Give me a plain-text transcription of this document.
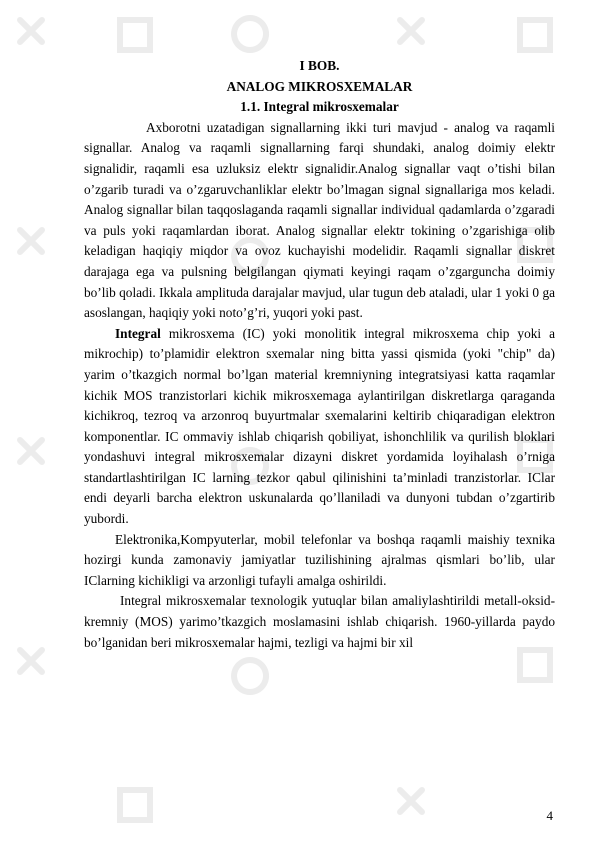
I BOB.

ANALOG MIKROSXEMALAR

1.1. Integral mikrosxemalar

Axborotni uzatadigan signallarning ikki turi mavjud - analog va raqamli signallar. Analog va raqamli signallarning farqi shundaki, analog doimiy elektr signalidir, raqamli esa uzluksiz elektr signalidir.Analog signallar vaqt o’tishi bilan o’zgarib turadi va o’zgaruvchanliklar elektr bo’lmagan signal signallariga mos keladi. Analog signallar bilan taqqoslaganda raqamli signallar individual qadamlarda o’zgaradi va puls yoki raqamlardan iborat. Analog signallar elektr tokining o’zgarishiga olib keladigan haqiqiy miqdor va ovoz kuchayishi modelidir. Raqamli signallar diskret darajaga ega va pulsning belgilangan qiymati keyingi raqam o’zgarguncha doimiy bo’lib qoladi. Ikkala amplituda darajalar mavjud, ular tugun deb ataladi, ular 1 yoki 0 ga asoslangan, haqiqiy yoki noto’g’ri, yuqori yoki past.

Integral mikrosxema (IC) yoki monolitik integral mikrosxema chip yoki a mikrochip) to’plamidir elektron sxemalar ning bitta yassi qismida (yoki "chip" da) yarim o’tkazgich normal bo’lgan material kremniyning integratsiyasi katta raqamlar kichik MOS tranzistorlari kichik mikrosxemaga aylantirilgan diskretlarga qaraganda kichikroq, tezroq va arzonroq buyurtmalar sxemalarini keltirib chiqaradigan elektron komponentlar. IC ommaviy ishlab chiqarish qobiliyat, ishonchlilik va qurilish bloklari yondashuvi integral mikrosxemalar dizayni diskret yordamida loyihalash o’rniga standartlashtirilgan IC larning tezkor qabul qilinishini ta’minladi tranzistorlar. IClar endi deyarli barcha elektron uskunalarda qo’llaniladi va dunyoni tubdan o’zgartirib yubordi.

Elektronika,Kompyuterlar, mobil telefonlar va boshqa raqamli maishiy texnika hozirgi kunda zamonaviy jamiyatlar tuzilishining ajralmas qismlari bo’lib, ular IClarning kichikligi va arzonligi tufayli amalga oshirildi.

Integral mikrosxemalar texnologik yutuqlar bilan amaliylashtirildi metall-oksid-kremniy (MOS) yarimo’tkazgich moslamasini ishlab chiqarish. 1960-yillarda paydo bo’lganidan beri mikrosxemalar hajmi, tezligi va hajmi bir xil

4
